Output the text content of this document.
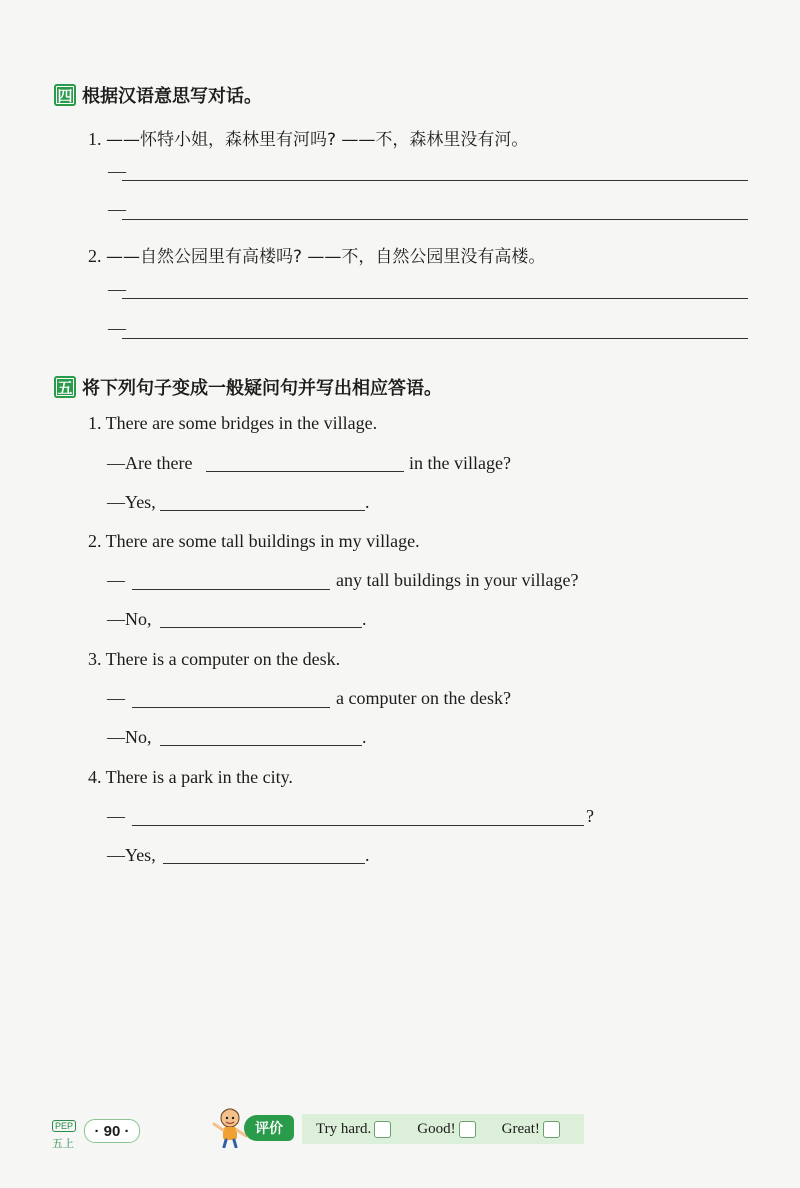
四 根据汉语意思写对话。
1. ——怀特小姐，森林里有河吗? ——不，森林里没有河。
—
—
2. ——自然公园里有高楼吗? ——不，自然公园里没有高楼。
—
—
五 将下列句子变成一般疑问句并写出相应答语。
1. There are some bridges in the village.
—Are there	in the village?
—Yes,	.
2. There are some tall buildings in my village.
—	any tall buildings in your village?
—No,	.
3. There is a computer on the desk.
—	a computer on the desk?
—No,	.
4. There is a park in the city.
—	?
—Yes,	.
PEP
五上
· 90 ·	评价	Try hard.	Good!	Great!
